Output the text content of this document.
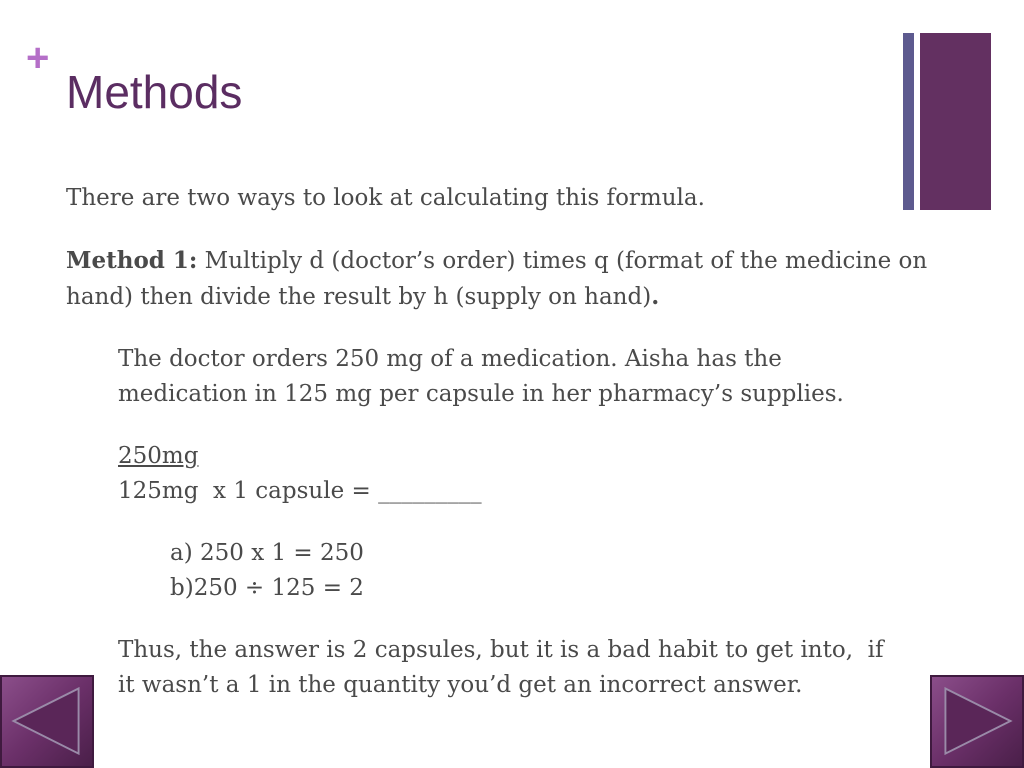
+
Methods

There are two ways to look at calculating this formula.

Method 1: Multiply d (doctor’s order) times q (format of the medicine on hand) then divide the result by h (supply on hand).

The doctor orders 250 mg of a medication. Aisha has the

medication in 125 mg per capsule in her pharmacy’s supplies.

250mg

125mg  x 1 capsule = _________

a) 250 x 1 = 250

b)250 ÷ 125 = 2

Thus, the answer is 2 capsules, but it is a bad habit to get into,  if

it wasn’t a 1 in the quantity you’d get an incorrect answer.
